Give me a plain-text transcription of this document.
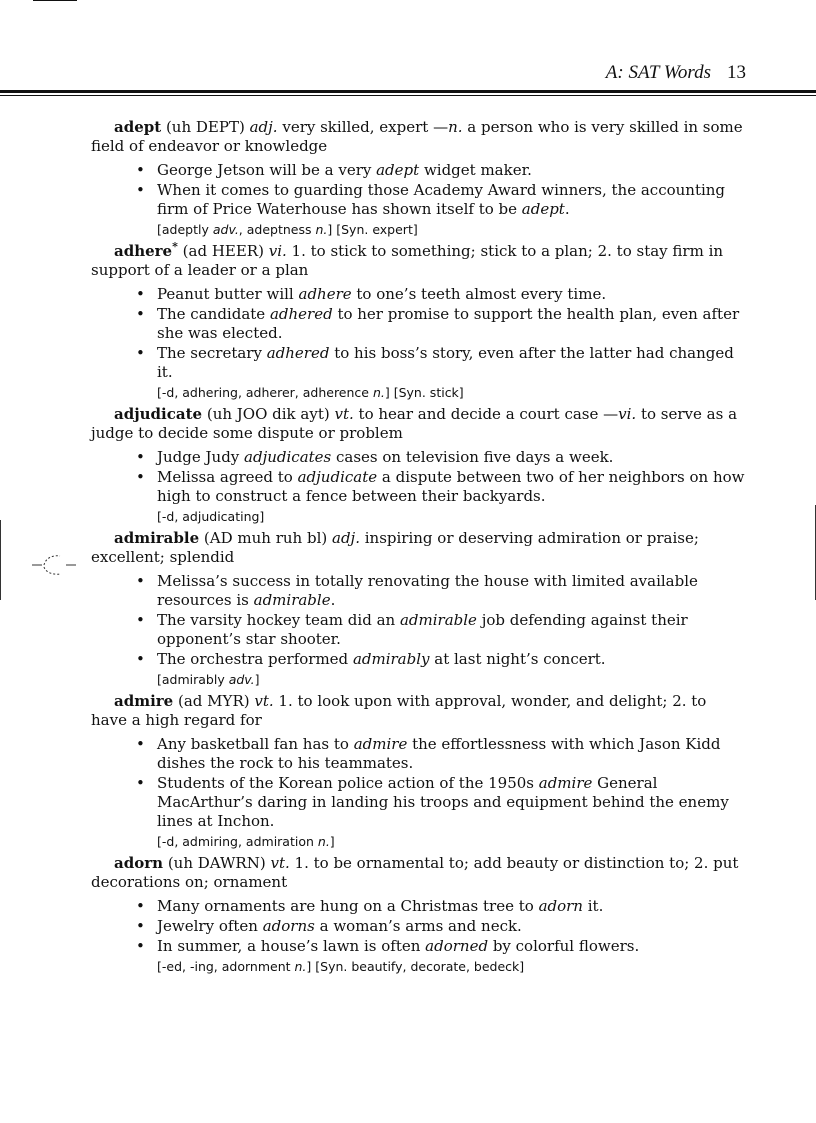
A: SAT Words 13

adept (uh DEPT) adj. very skilled, expert —n. a person who is very skilled in some field of endeavor or knowledge

• George Jetson will be a very adept widget maker.
• When it comes to guarding those Academy Award winners, the accounting firm of Price Waterhouse has shown itself to be adept.
[adeptly adv., adeptness n.] [Syn. expert]

adhere* (ad HEER) vi. 1. to stick to something; stick to a plan; 2. to stay firm in support of a leader or a plan

• Peanut butter will adhere to one’s teeth almost every time.
• The candidate adhered to her promise to support the health plan, even after she was elected.
• The secretary adhered to his boss’s story, even after the latter had changed it.
[-d, adhering, adherer, adherence n.] [Syn. stick]

adjudicate (uh JOO dik ayt) vt. to hear and decide a court case —vi. to serve as a judge to decide some dispute or problem

• Judge Judy adjudicates cases on television five days a week.
• Melissa agreed to adjudicate a dispute between two of her neighbors on how high to construct a fence between their backyards.
[-d, adjudicating]

admirable (AD muh ruh bl) adj. inspiring or deserving admiration or praise; excellent; splendid

• Melissa’s success in totally renovating the house with limited available resources is admirable.
• The varsity hockey team did an admirable job defending against their opponent’s star shooter.
• The orchestra performed admirably at last night’s concert.
[admirably adv.]

admire (ad MYR) vt. 1. to look upon with approval, wonder, and delight; 2. to have a high regard for

• Any basketball fan has to admire the effortlessness with which Jason Kidd dishes the rock to his teammates.
• Students of the Korean police action of the 1950s admire General MacArthur’s daring in landing his troops and equipment behind the enemy lines at Inchon.
[-d, admiring, admiration n.]

adorn (uh DAWRN) vt. 1. to be ornamental to; add beauty or distinction to; 2. put decorations on; ornament

• Many ornaments are hung on a Christmas tree to adorn it.
• Jewelry often adorns a woman’s arms and neck.
• In summer, a house’s lawn is often adorned by colorful flowers.
[-ed, -ing, adornment n.] [Syn. beautify, decorate, bedeck]
